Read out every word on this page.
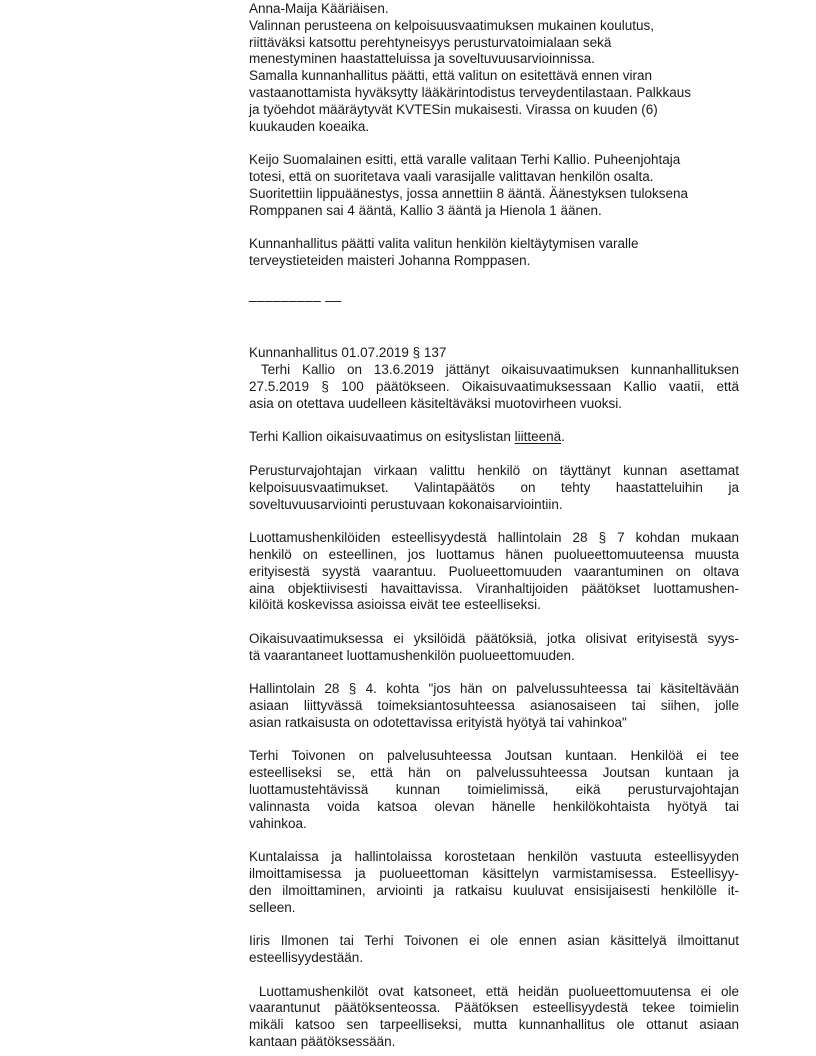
Anna-Maija Kääriäisen.
Valinnan perusteena on kelpoisuusvaatimuksen mukainen koulutus,
riittäväksi katsottu perehtyneisyys perusturvatoimialaan sekä
menestyminen haastatteluissa ja soveltuvuusarvioinnissa.
Samalla kunnanhallitus päätti, että valitun on esitettävä ennen viran
vastaanottamista hyväksytty lääkärintodistus terveydentilastaan. Palkkaus
ja työehdot määräytyvät KVTESin mukaisesti. Virassa on kuuden (6)
kuukauden koeaika.
Keijo Suomalainen esitti, että varalle valitaan Terhi Kallio. Puheenjohtaja
totesi, että on suoritetava vaali varasijalle valittavan henkilön osalta.
Suoritettiin lippuäänestys, jossa annettiin 8 ääntä. Äänestyksen tuloksena
Romppanen sai 4 ääntä, Kallio 3 ääntä ja Hienola 1 äänen.
Kunnanhallitus päätti valita valitun henkilön kieltäytymisen varalle
terveystieteiden maisteri Johanna Romppasen.
_________ __
Kunnanhallitus 01.07.2019 § 137
Terhi Kallio on 13.6.2019 jättänyt oikaisuvaatimuksen kunnanhallituksen
27.5.2019 § 100 päätökseen. Oikaisuvaatimuksessaan Kallio vaatii, että
asia on otettava uudelleen käsiteltäväksi muotovirheen vuoksi.
Terhi Kallion oikaisuvaatimus on esityslistan liitteenä.
Perusturvajohtajan virkaan valittu henkilö on täyttänyt kunnan asettamat
kelpoisuusvaatimukset. Valintapäätös on tehty haastatteluihin ja
soveltuvuusarviointi perustuvaan kokonaisarviointiin.
Luottamushenkilöiden esteellisyydestä hallintolain 28 § 7 kohdan mukaan
henkilö on esteellinen, jos luottamus hänen puolueettomuuteensa muusta
erityisestä syystä vaarantuu. Puolueettomuuden vaarantuminen on oltava
aina objektiivisesti havaittavissa. Viranhaltijoiden päätökset luottamushen-
kilöitä koskevissa asioissa eivät tee esteelliseksi.
Oikaisuvaatimuksessa ei yksilöidä päätöksiä, jotka olisivat erityisestä syys-
tä vaarantaneet luottamushenkilön puolueettomuuden.
Hallintolain 28 § 4. kohta "jos hän on palvelussuhteessa tai käsiteltävään
asiaan liittyvässä toimeksiantosuhteessa asianosaiseen tai siihen, jolle
asian ratkaisusta on odotettavissa erityistä hyötyä tai vahinkoa"
Terhi Toivonen on palvelusuhteessa Joutsan kuntaan. Henkilöä ei tee
esteelliseksi se, että hän on palvelussuhteessa Joutsan kuntaan ja
luottamustehtävissä kunnan toimielimissä, eikä perusturvajohtajan
valinnasta voida katsoa olevan hänelle henkilökohtaista hyötyä tai
vahinkoa.
Kuntalaissa ja hallintolaissa korostetaan henkilön vastuuta esteellisyyden
ilmoittamisessa ja puolueettoman käsittelyn varmistamisessa. Esteellisyy-
den ilmoittaminen, arviointi ja ratkaisu kuuluvat ensisijaisesti henkilölle it-
selleen.
Iiris Ilmonen tai Terhi Toivonen ei ole ennen asian käsittelyä ilmoittanut
esteellisyydestään.
Luottamushenkilöt ovat katsoneet, että heidän puolueettomuutensa ei ole
vaarantunut päätöksenteossa. Päätöksen esteellisyydestä tekee toimielin
mikäli katsoo sen tarpeelliseksi, mutta kunnanhallitus ole ottanut asiaan
kantaan päätöksessään.
